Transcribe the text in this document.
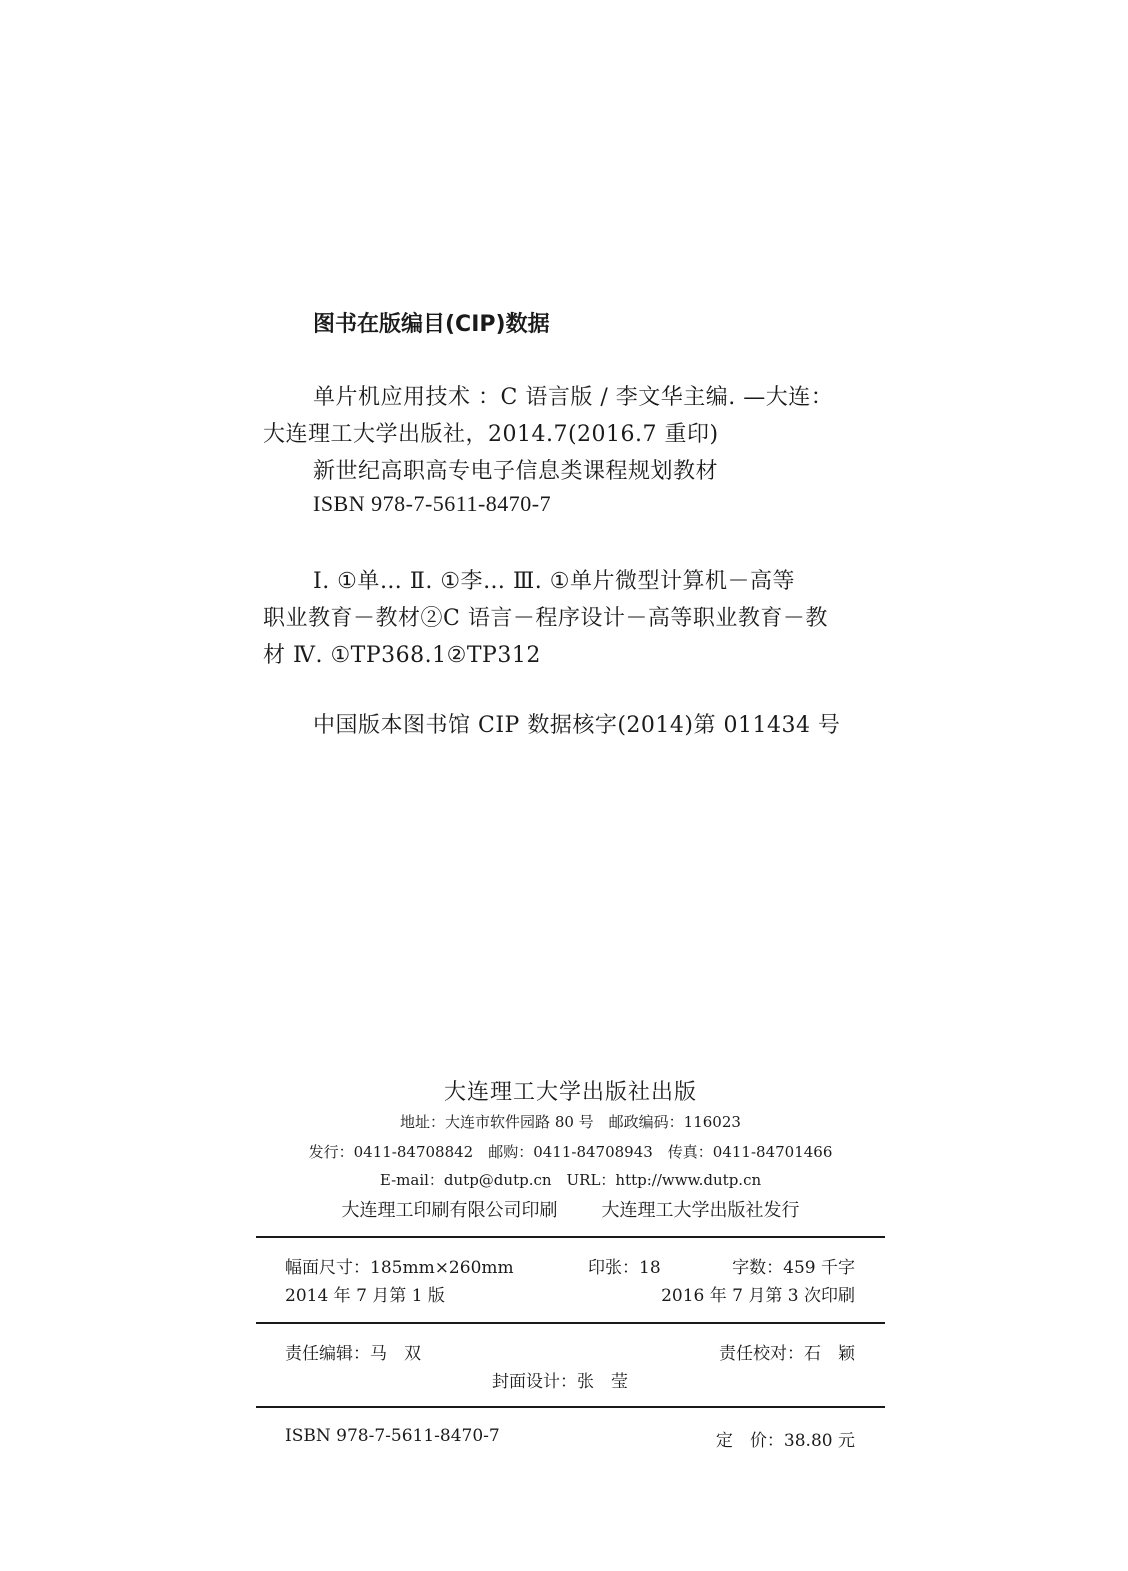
图书在版编目(CIP)数据
单片机应用技术 ：C 语言版 / 李文华主编. —大连：
大连理工大学出版社，2014.7(2016.7 重印)
新世纪高职高专电子信息类课程规划教材
ISBN 978-7-5611-8470-7
Ⅰ. ①单… Ⅱ. ①李… Ⅲ. ①单片微型计算机－高等
职业教育－教材②C 语言－程序设计－高等职业教育－教
材 Ⅳ. ①TP368.1②TP312
中国版本图书馆 CIP 数据核字(2014)第 011434 号
大连理工大学出版社出版
地址：大连市软件园路 80 号　邮政编码：116023
发行：0411-84708842　邮购：0411-84708943　传真：0411-84701466
E-mail：dutp@dutp.cn　URL：http://www.dutp.cn
大连理工印刷有限公司印刷 大连理工大学出版社发行
幅面尺寸：185mm×260mm	印张：18	字数：459 千字
2014 年 7 月第 1 版	2016 年 7 月第 3 次印刷
责任编辑：马　双	责任校对：石　颖
封面设计：张　莹
ISBN 978-7-5611-8470-7	定　价：38.80 元
